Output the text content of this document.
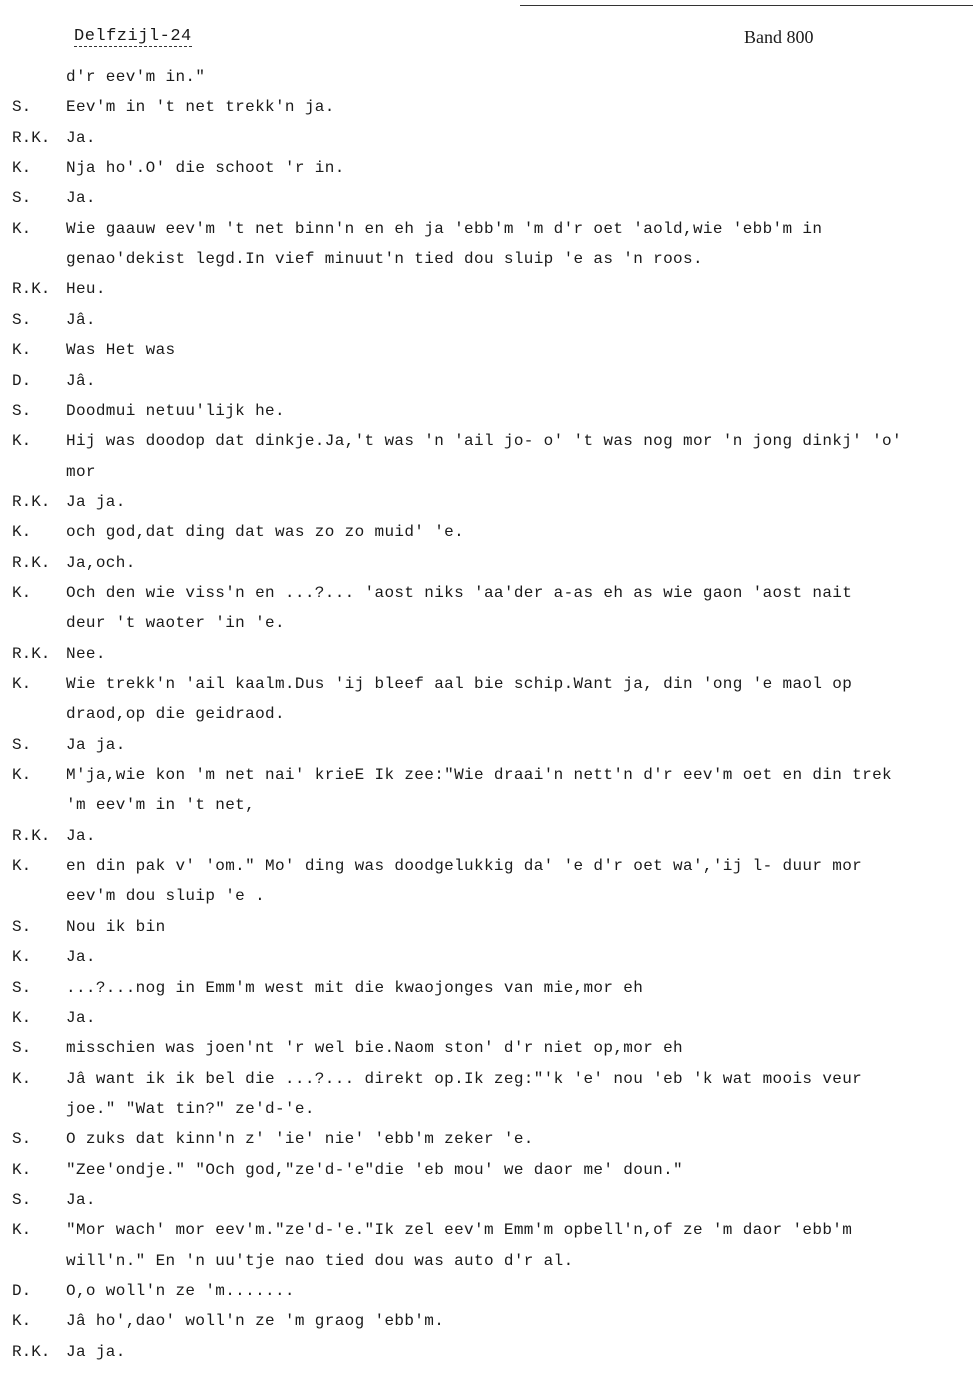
Delfzijl-24	Band 800
d'r eev'm in."
S.	Eev'm in 't net trekk'n ja.
R.K. Ja.
K.	Nja ho'.O' die schoot 'r in.
S.	Ja.
K.	Wie gaauw eev'm 't net binn'n en eh ja 'ebb'm 'm d'r oet 'aold,wie 'ebb'm in
genao'dekist legd.In vief minuut'n tied dou sluip 'e as 'n roos.
R.K. Heu.
S.	Jâ.
K.	Was Het was
D.	Jâ.
S.	Doodmui netuu'lijk he.
K.	Hij was doodop dat dinkje.Ja,'t was 'n 'ail jo- o' 't was nog mor 'n jong dinkj' 'o'
mor
R.K. Ja ja.
K.	och god,dat ding dat was zo zo muid' 'e.
R.K. Ja,och.
K.	Och den wie viss'n en ...?... 'aost niks 'aa'der a-as eh as wie gaon 'aost nait
deur 't waoter 'in 'e.
R.K. Nee.
K.	Wie trekk'n 'ail kaalm.Dus 'ij bleef aal bie schip.Want ja, din 'ong 'e maol op
draod,op die geidraod.
S.	Ja ja.
K.	M'ja,wie kon 'm net nai' krieE Ik zee:"Wie draai'n nett'n d'r eev'm oet en din trek
'm eev'm in 't net,
R.K. Ja.
K.	en din pak v' 'om." Mo' ding was doodgelukkig da' 'e d'r oet wa','ij l- duur mor
eev'm dou sluip 'e .
S.	Nou ik bin
K.	Ja.
S.	...?...nog in Emm'm west mit die kwaojonges van mie,mor eh
K.	Ja.
S.	misschien was joen'nt 'r wel bie.Naom ston' d'r niet op,mor eh
K.	Jâ want ik ik bel die ...?... direkt op.Ik zeg:"'k 'e' nou 'eb 'k wat moois veur
joe." "Wat tin?" ze'd-'e.
S.	O zuks dat kinn'n z' 'ie' nie' 'ebb'm zeker 'e.
K.	"Zee'ondje." "Och god,"ze'd-'e"die 'eb mou' we daor me' doun."
S.	Ja.
K.	"Mor wach' mor eev'm."ze'd-'e."Ik zel eev'm Emm'm opbell'n,of ze 'm daor 'ebb'm
will'n." En 'n uu'tje nao tied dou was auto d'r al.
D.	O,o woll'n ze 'm.......
K.	Jâ ho',dao' woll'n ze 'm graog 'ebb'm.
R.K. Ja ja.
